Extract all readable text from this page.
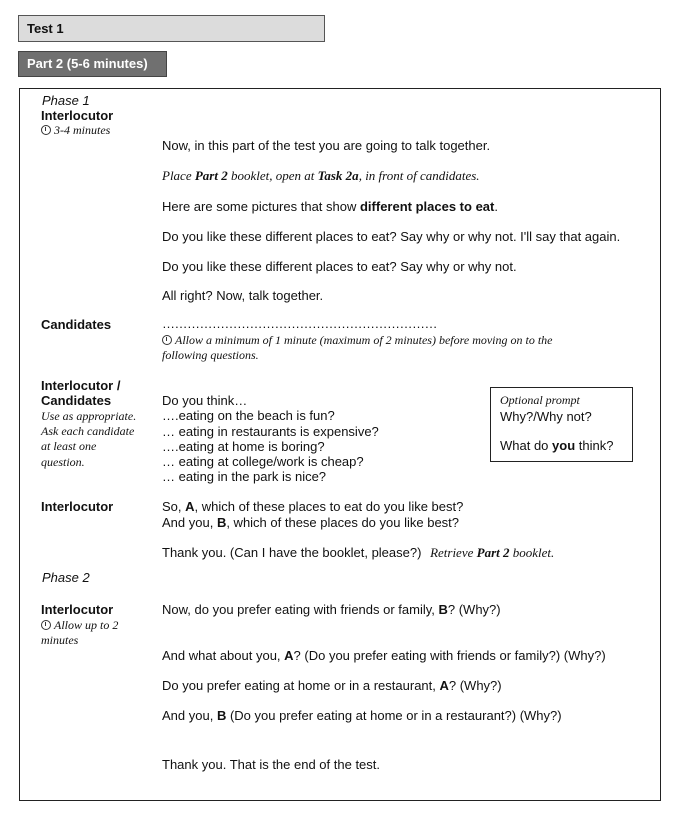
Test 1
Part 2 (5-6 minutes)
Phase 1
Interlocutor
3-4 minutes
Now, in this part of the test you are going to talk together.
Place Part 2 booklet, open at Task 2a, in front of candidates.
Here are some pictures that show different places to eat.
Do you like these different places to eat? Say why or why not. I'll say that again.
Do you like these different places to eat? Say why or why not.
All right? Now, talk together.
Candidates	…………………………………………………………
Allow a minimum of 1 minute (maximum of 2 minutes) before moving on to the
following questions.
Interlocutor /
Candidates
Use as appropriate.
Ask each candidate
at least one
question.
Do you think…
….eating on the beach is fun?
… eating in restaurants is expensive?
….eating at home is boring?
… eating at college/work is cheap?
… eating in the park is nice?
Optional prompt
Why?/Why not?
What do you think?
Interlocutor	So, A, which of these places to eat do you like best?
And you, B, which of these places do you like best?
Thank you. (Can I have the booklet, please?) Retrieve Part 2 booklet.
Phase 2
Interlocutor
Allow up to 2
minutes
Now, do you prefer eating with friends or family, B? (Why?)
And what about you, A? (Do you prefer eating with friends or family?) (Why?)
Do you prefer eating at home or in a restaurant, A? (Why?)
And you, B (Do you prefer eating at home or in a restaurant?) (Why?)
Thank you. That is the end of the test.
